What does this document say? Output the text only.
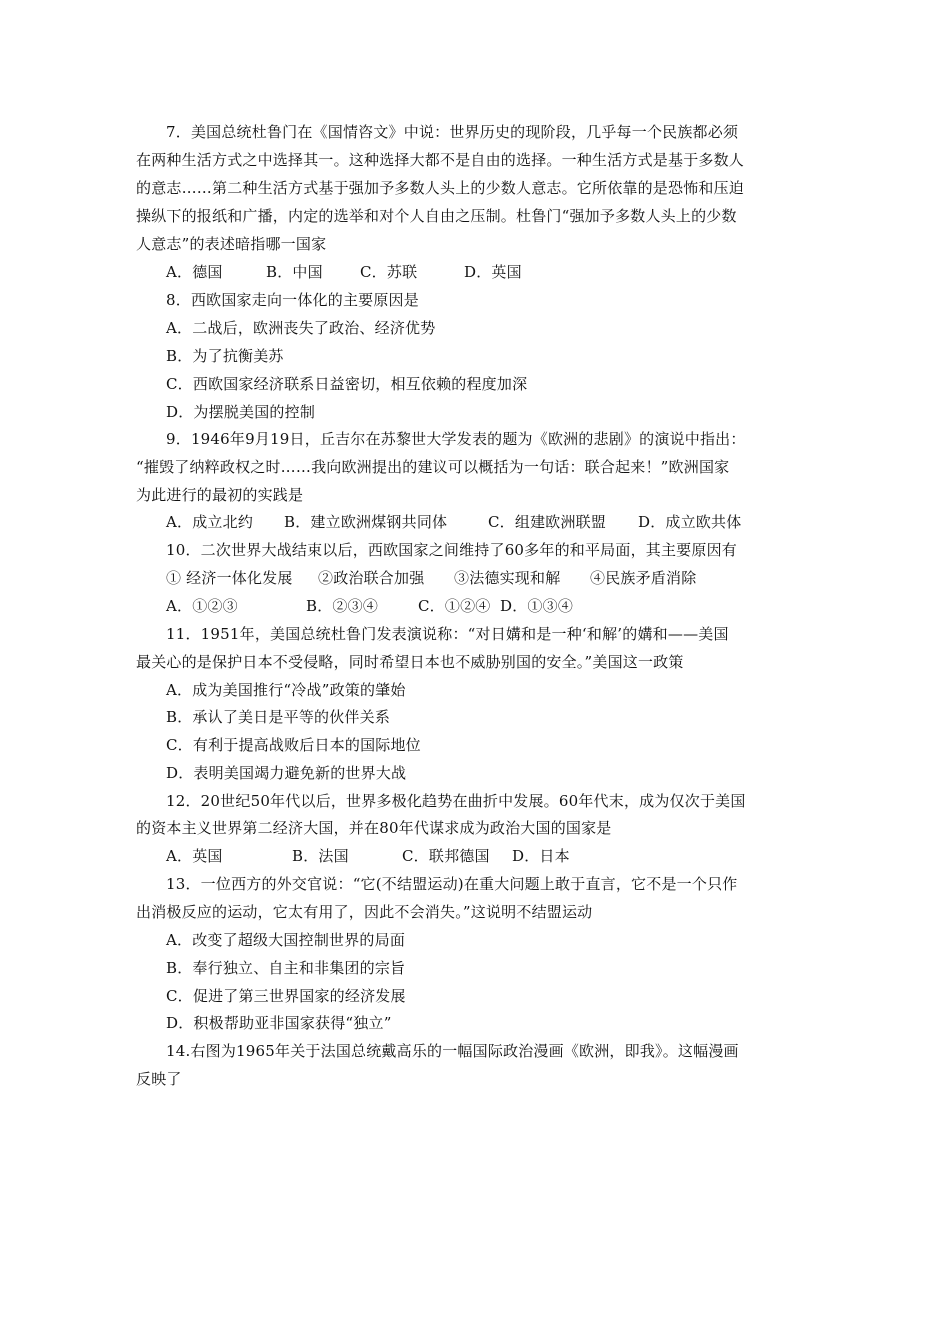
7．美国总统杜鲁门在《国情咨文》中说：世界历史的现阶段，几乎每一个民族都必须
在两种生活方式之中选择其一。这种选择大都不是自由的选择。一种生活方式是基于多数人
的意志……第二种生活方式基于强加予多数人头上的少数人意志。它所依靠的是恐怖和压迫
操纵下的报纸和广播，内定的选举和对个人自由之压制。杜鲁门“强加予多数人头上的少数
人意志”的表述暗指哪一国家
A．德国	B．中国 C．苏联	D．英国
8．西欧国家走向一体化的主要原因是
A．二战后，欧洲丧失了政治、经济优势
B．为了抗衡美苏
C．西欧国家经济联系日益密切，相互依赖的程度加深
D．为摆脱美国的控制
9．1946年9月19日，丘吉尔在苏黎世大学发表的题为《欧洲的悲剧》的演说中指出：
“摧毁了纳粹政权之时……我向欧洲提出的建议可以概括为一句话：联合起来！”欧洲国家
为此进行的最初的实践是
A．成立北约 B．建立欧洲煤钢共同体	C．组建欧洲联盟 D．成立欧共体
10．二次世界大战结束以后，西欧国家之间维持了60多年的和平局面，其主要原因有
① 经济一体化发展 ②政治联合加强 ③法德实现和解 ④民族矛盾消除
A．①②③	B．②③④	C．①②④ D．①③④
11．1951年，美国总统杜鲁门发表演说称：“对日媾和是一种‘和解’的媾和——美国
最关心的是保护日本不受侵略，同时希望日本也不威胁别国的安全。”美国这一政策
A．成为美国推行“冷战”政策的肇始
B．承认了美日是平等的伙伴关系
C．有利于提高战败后日本的国际地位
D．表明美国竭力避免新的世界大战
12．20世纪50年代以后，世界多极化趋势在曲折中发展。60年代末，成为仅次于美国
的资本主义世界第二经济大国，并在80年代谋求成为政治大国的国家是
A．英国	B．法国	C．联邦德国 D．日本
13．一位西方的外交官说：“它(不结盟运动)在重大问题上敢于直言，它不是一个只作
出消极反应的运动，它太有用了，因此不会消失。”这说明不结盟运动
A．改变了超级大国控制世界的局面
B．奉行独立、自主和非集团的宗旨
C．促进了第三世界国家的经济发展
D．积极帮助亚非国家获得“独立”
14.右图为1965年关于法国总统戴高乐的一幅国际政治漫画《欧洲，即我》。这幅漫画
反映了
